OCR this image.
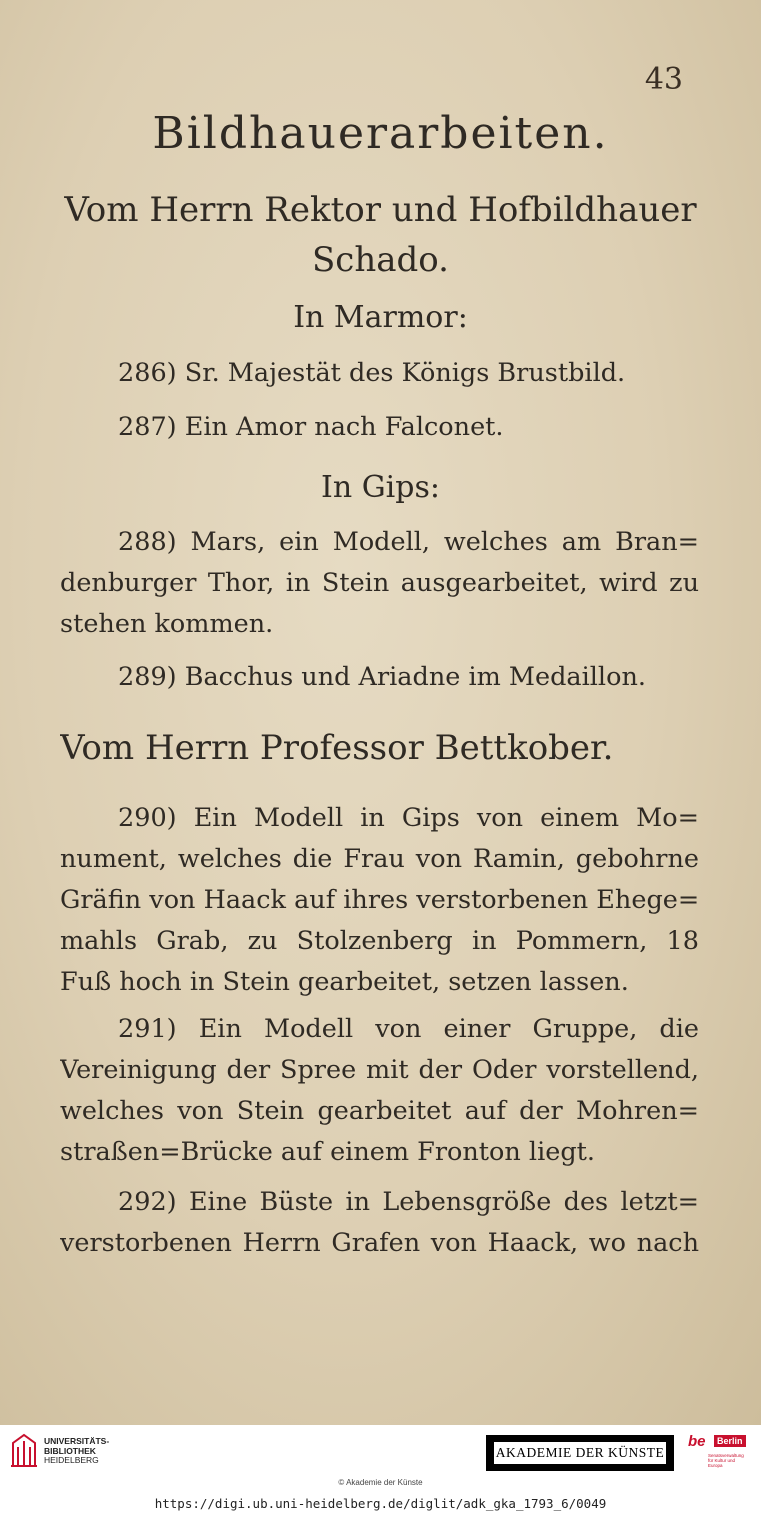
43
Bildhauerarbeiten.
Vom Herrn Rektor und Hofbildhauer
Schado.
In Marmor:
286) Sr. Majestät des Königs Brustbild.
287) Ein Amor nach Falconet.
In Gips:
288) Mars, ein Modell, welches am Bran=
denburger Thor, in Stein ausgearbeitet, wird zu
stehen kommen.
289) Bacchus und Ariadne im Medaillon.
Vom Herrn Professor Bettkober.
290) Ein Modell in Gips von einem Mo=
nument, welches die Frau von Ramin, gebohrne
Gräfin von Haack auf ihres verstorbenen Ehege=
mahls Grab, zu Stolzenberg in Pommern, 18
Fuß hoch in Stein gearbeitet, setzen lassen.
291) Ein Modell von einer Gruppe, die
Vereinigung der Spree mit der Oder vorstellend,
welches von Stein gearbeitet auf der Mohren=
straßen=Brücke auf einem Fronton liegt.
292) Eine Büste in Lebensgröße des letzt=
verstorbenen Herrn Grafen von Haack, wo nach
UNIVERSITÄTS-
BIBLIOTHEK
HEIDELBERG	AKADEMIE DER KÜNSTE
be	Berlin
Senatsverwaltung für Kultur und Europa
© Akademie der Künste
https://digi.ub.uni-heidelberg.de/diglit/adk_gka_1793_6/0049
